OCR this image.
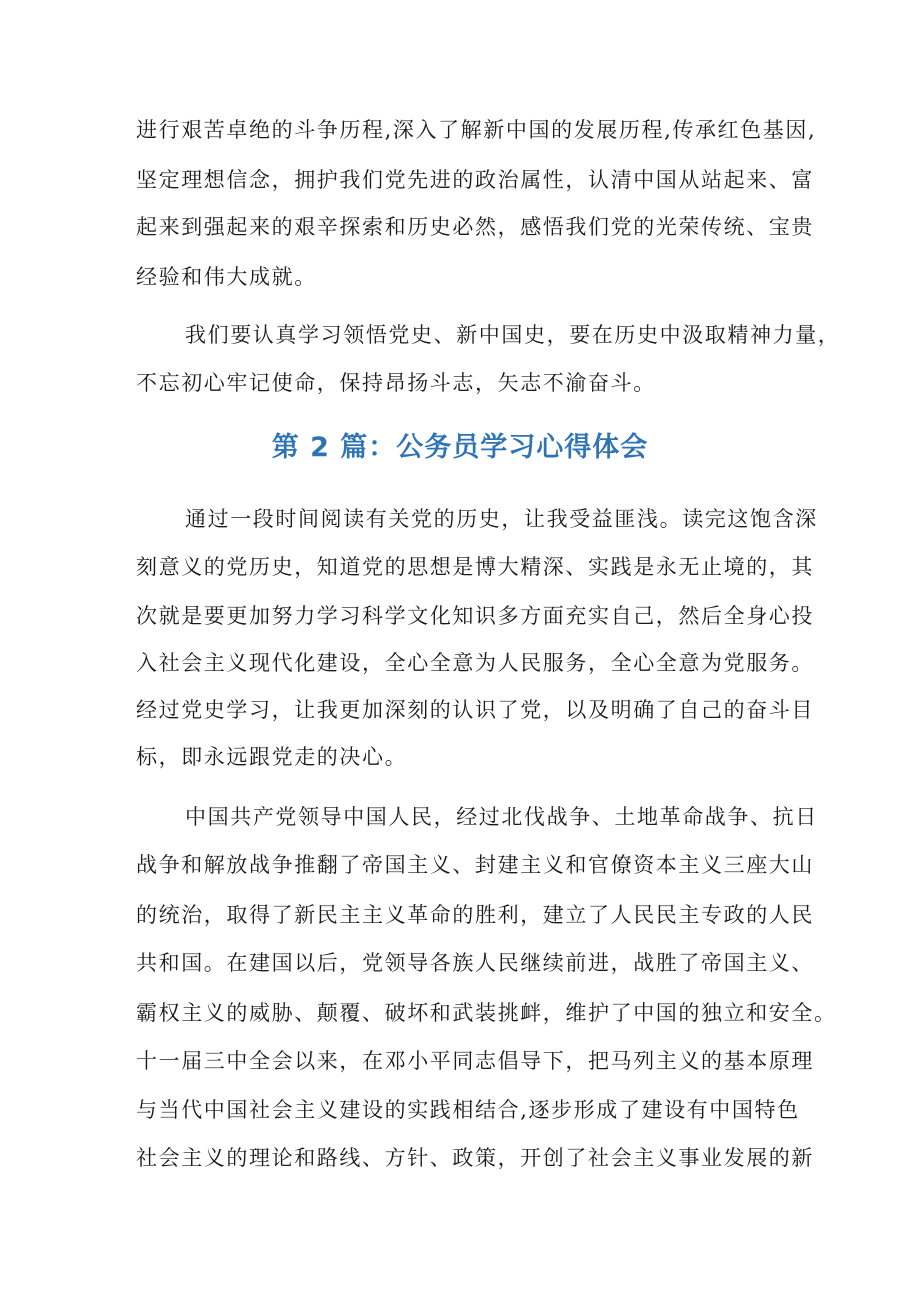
进行艰苦卓绝的斗争历程,深入了解新中国的发展历程,传承红色基因,

坚定理想信念，拥护我们党先进的政治属性，认清中国从站起来、富

起来到强起来的艰辛探索和历史必然，感悟我们党的光荣传统、宝贵

经验和伟大成就。

我们要认真学习领悟党史、新中国史，要在历史中汲取精神力量，

不忘初心牢记使命，保持昂扬斗志，矢志不渝奋斗。

第 2 篇：公务员学习心得体会

通过一段时间阅读有关党的历史，让我受益匪浅。读完这饱含深

刻意义的党历史，知道党的思想是博大精深、实践是永无止境的，其

次就是要更加努力学习科学文化知识多方面充实自己，然后全身心投

入社会主义现代化建设，全心全意为人民服务，全心全意为党服务。

经过党史学习，让我更加深刻的认识了党，以及明确了自己的奋斗目

标，即永远跟党走的决心。

中国共产党领导中国人民，经过北伐战争、土地革命战争、抗日

战争和解放战争推翻了帝国主义、封建主义和官僚资本主义三座大山

的统治，取得了新民主主义革命的胜利，建立了人民民主专政的人民

共和国。在建国以后，党领导各族人民继续前进，战胜了帝国主义、

霸权主义的威胁、颠覆、破坏和武装挑衅，维护了中国的独立和安全。

十一届三中全会以来，在邓小平同志倡导下，把马列主义的基本原理

与当代中国社会主义建设的实践相结合,逐步形成了建设有中国特色

社会主义的理论和路线、方针、政策，开创了社会主义事业发展的新
